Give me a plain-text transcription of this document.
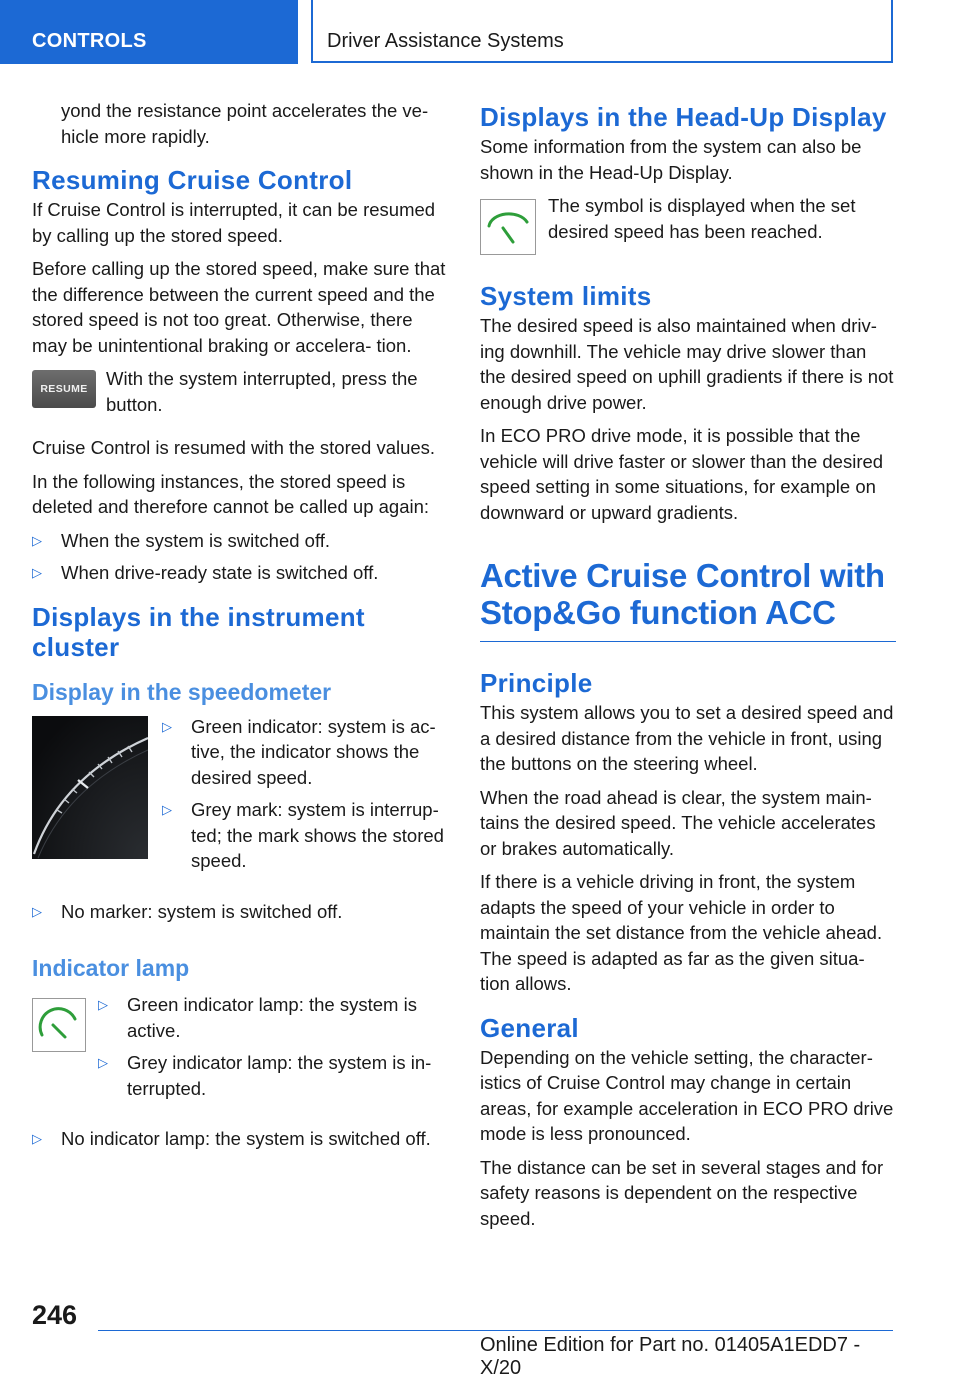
CONTROLS	Driver Assistance Systems

yond the resistance point accelerates the ve‐ hicle more rapidly.

Resuming Cruise Control

If Cruise Control is interrupted, it can be resumed by calling up the stored speed.

Before calling up the stored speed, make sure that the difference between the current speed and the stored speed is not too great. Otherwise, there may be unintentional braking or accelera‐ tion.

RESUME With the system interrupted, press the button.

Cruise Control is resumed with the stored values.

In the following instances, the stored speed is deleted and therefore cannot be called up again:

▷ When the system is switched off.
▷ When drive-ready state is switched off.
Displays in the instrument cluster
Display in the speedometer
▷ Green indicator: system is ac‐ tive, the indicator shows the desired speed.
▷ Grey mark: system is interrup‐ ted; the mark shows the stored speed.
▷ No marker: system is switched off.
Indicator lamp
▷ Green indicator lamp: the system is active.
▷ Grey indicator lamp: the system is in‐ terrupted.
▷ No indicator lamp: the system is switched off.
Displays in the Head-Up Display

Some information from the system can also be shown in the Head-Up Display.

The symbol is displayed when the set desired speed has been reached.

System limits

The desired speed is also maintained when driv‐ ing downhill. The vehicle may drive slower than the desired speed on uphill gradients if there is not enough drive power.

In ECO PRO drive mode, it is possible that the vehicle will drive faster or slower than the desired speed setting in some situations, for example on downward or upward gradients.

Active Cruise Control with Stop&Go function ACC
Principle

This system allows you to set a desired speed and a desired distance from the vehicle in front, using the buttons on the steering wheel.

When the road ahead is clear, the system main‐ tains the desired speed. The vehicle accelerates or brakes automatically.

If there is a vehicle driving in front, the system adapts the speed of your vehicle in order to maintain the set distance from the vehicle ahead. The speed is adapted as far as the given situa‐ tion allows.

General

Depending on the vehicle setting, the character‐ istics of Cruise Control may change in certain areas, for example acceleration in ECO PRO drive mode is less pronounced.

The distance can be set in several stages and for safety reasons is dependent on the respective speed.

246
Online Edition for Part no. 01405A1EDD7 - X/20
